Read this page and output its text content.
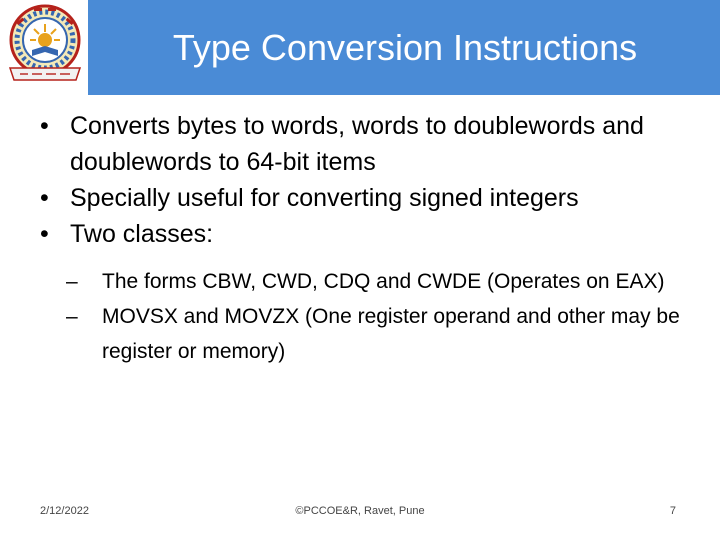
Type Conversion Instructions
• Converts bytes to words, words to doublewords and doublewords to 64-bit items
• Specially useful for converting signed integers
• Two classes:
– The forms CBW, CWD, CDQ and CWDE (Operates on EAX)
– MOVSX and MOVZX (One register operand and other may be register or memory)
2/12/2022	©PCCOE&R, Ravet, Pune	7
